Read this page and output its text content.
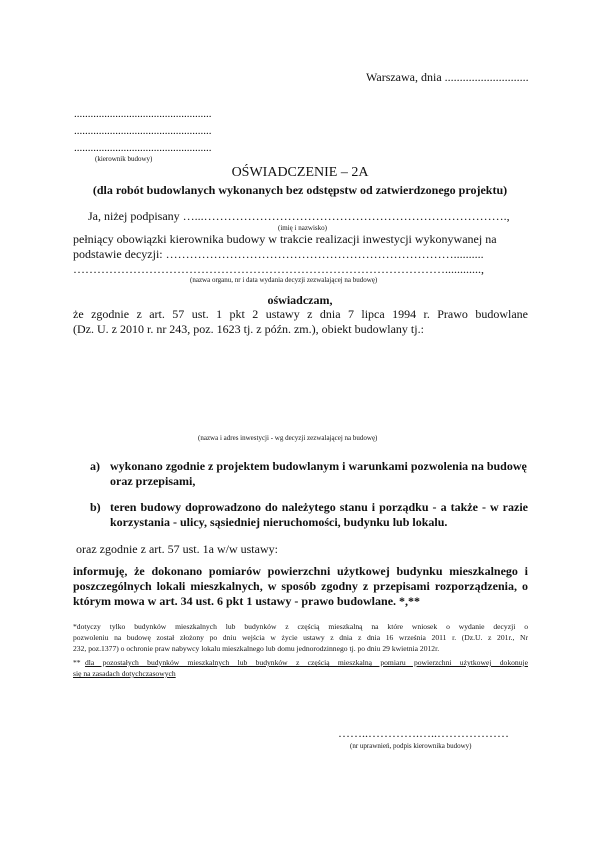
Warszawa, dnia ............................
..................................................
..................................................
..................................................
(kierownik budowy)
OŚWIADCZENIE – 2A
(dla robót budowlanych wykonanych bez odstępstw od zatwierdzonego projektu)
Ja, niżej podpisany …...………………………………………………………………….,
(imię i nazwisko)
pełniący obowiązki kierownika budowy w trakcie realizacji inwestycji wykonywanej na
podstawie decyzji: ………………………………………………………………..........
…………………………………………………………………………………............,
(nazwa organu, nr i data wydania decyzji zezwalającej na budowę)
oświadczam,
że zgodnie z art. 57 ust. 1 pkt 2 ustawy z dnia 7 lipca 1994 r. Prawo budowlane
(Dz. U. z 2010 r. nr 243, poz. 1623 tj. z późn. zm.), obiekt budowlany tj.:
(nazwa i adres inwestycji - wg decyzji zezwalającej na budowę)
a) wykonano zgodnie z projektem budowlanym i warunkami pozwolenia na budowę
oraz przepisami,
b) teren budowy doprowadzono do należytego stanu i porządku - a także - w razie
korzystania - ulicy, sąsiedniej nieruchomości, budynku lub lokalu.
oraz zgodnie z art. 57 ust. 1a w/w ustawy:
informuję, że dokonano pomiarów powierzchni użytkowej budynku mieszkalnego i
poszczególnych lokali mieszkalnych, w sposób zgodny z przepisami rozporządzenia, o
którym mowa w art. 34 ust. 6 pkt 1 ustawy - prawo budowlane. *,**
*dotyczy tylko budynków mieszkalnych lub budynków z częścią mieszkalną na które wniosek o wydanie decyzji o
pozwoleniu na budowę został złożony po dniu wejścia w życie ustawy z dnia z dnia 16 września 2011 r. (Dz.U. z 201r., Nr
232, poz.1377) o ochronie praw nabywcy lokalu mieszkalnego lub domu jednorodzinnego tj. po dniu 29 kwietnia 2012r.
** dla pozostałych budynków mieszkalnych lub budynków z częścią mieszkalną pomiaru powierzchni użytkowej dokonuje
się na zasadach dotychczasowych
……..………….…..………………
(nr uprawnień, podpis kierownika budowy)
